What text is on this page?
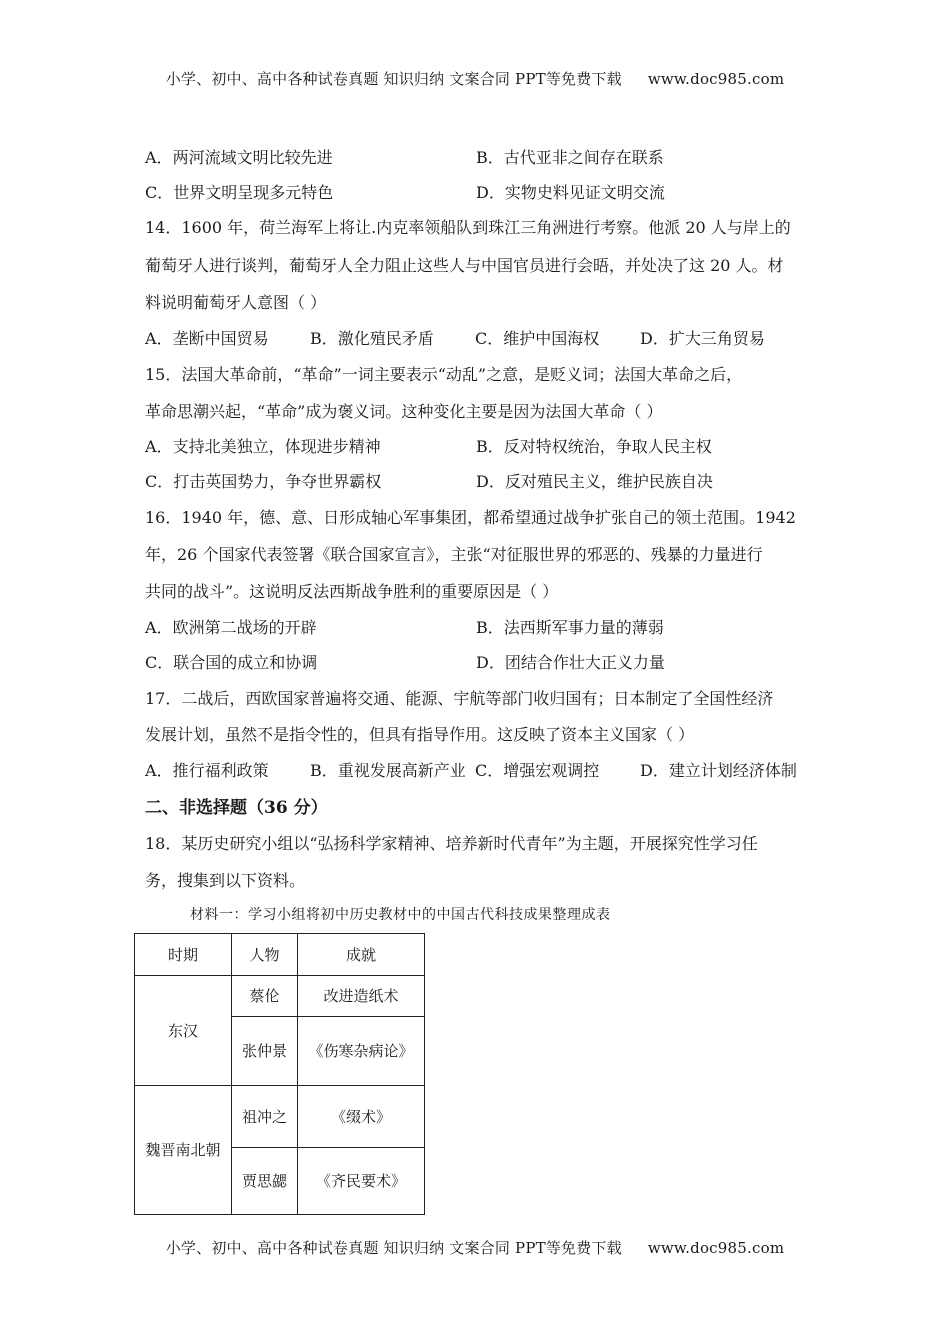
小学、初中、高中各种试卷真题 知识归纳 文案合同 PPT等免费下载 www.doc985.com
A．两河流域文明比较先进	B．古代亚非之间存在联系
C．世界文明呈现多元特色	D．实物史料见证文明交流
14．1600 年，荷兰海军上将让.内克率领船队到珠江三角洲进行考察。他派 20 人与岸上的
葡萄牙人进行谈判，葡萄牙人全力阻止这些人与中国官员进行会晤，并处决了这 20 人。材
料说明葡萄牙人意图（ ）
A．垄断中国贸易	B．激化殖民矛盾	C．维护中国海权	D．扩大三角贸易
15．法国大革命前，“革命”一词主要表示“动乱”之意，是贬义词；法国大革命之后，
革命思潮兴起，“革命”成为褒义词。这种变化主要是因为法国大革命（ ）
A．支持北美独立，体现进步精神	B．反对特权统治，争取人民主权
C．打击英国势力，争夺世界霸权	D．反对殖民主义，维护民族自决
16．1940 年，德、意、日形成轴心军事集团，都希望通过战争扩张自己的领土范围。1942
年，26 个国家代表签署《联合国家宣言》，主张“对征服世界的邪恶的、残暴的力量进行
共同的战斗”。这说明反法西斯战争胜利的重要原因是（ ）
A．欧洲第二战场的开辟	B．法西斯军事力量的薄弱
C．联合国的成立和协调	D．团结合作壮大正义力量
17．二战后，西欧国家普遍将交通、能源、宇航等部门收归国有；日本制定了全国性经济
发展计划，虽然不是指令性的，但具有指导作用。这反映了资本主义国家（ ）
A．推行福利政策	B．重视发展高新产业 C．增强宏观调控	D．建立计划经济体制
二、非选择题（36 分）
18．某历史研究小组以“弘扬科学家精神、培养新时代青年”为主题，开展探究性学习任
务，搜集到以下资料。
材料一：学习小组将初中历史教材中的中国古代科技成果整理成表
时期	人物	成就
东汉	蔡伦	改进造纸术
	张仲景	《伤寒杂病论》
魏晋南北朝	祖冲之	《缀术》
	贾思勰	《齐民要术》
小学、初中、高中各种试卷真题 知识归纳 文案合同 PPT等免费下载 www.doc985.com
